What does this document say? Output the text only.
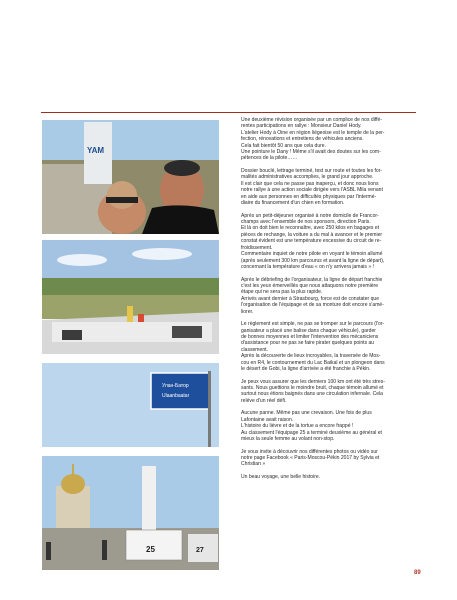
YAM
Улан-Батор
Ulaanbaatar
25	27

Une deuxième révision organisée par un complice de nos diffé-
rentes participations en rallye : Monsieur Daniel Hody.
L'atelier Hody à Oine en région liégeoise est le temple de la per-
fection, rénovations et entretiens de véhicules anciens.
Cela fait bientôt 50 ans que cela dure.
Une pointure le Dany ! Même s'il avait des doutes sur les com-
pétences de la pilote……

Dossier bouclé, lettrage terminé, test sur route et toutes les for-
malités administratives accomplies, le grand jour approche.
Il est clair que cela ne passe pas inaperçu, et donc nous lions
notre rallye à une action sociale dirigée vers l'ASBL Mila venant
en aide aux personnes en difficultés physiques par l'intermé-
diaire du financement d'un chien en formation.

Après un petit-déjeuner organisé à notre domicile de Francor-
champs avec l'ensemble de nos sponsors, direction Paris.
Et là on doit bien le reconnaître, avec 250 kilos en bagages et
pièces de rechange, la voiture a du mal à avancer et le premier
constat évident est une température excessive du circuit de re-
froidissement.
Commentaire inquiet de notre pilote en voyant le témoin allumé
(après seulement 300 km parcourus et avant la ligne de départ),
concernant la température d'eau « on n'y arrivera jamais » !

Après le débriefing de l'organisateur, la ligne de départ franchie
c'est les yeux émerveillés que nous attaquons notre première
étape qui ne sera pas la plus rapide.
Arrivés avant dernier à Strasbourg, force est de constater que
l'organisation de l'équipage et de sa monture doit encore s'amé-
liorer.

Le règlement est simple, ne pas se tromper sur le parcours (l'or-
ganisateur a placé une balise dans chaque véhicule), garder
de bonnes moyennes et limiter l'intervention des mécaniciens
d'assistance pour ne pas se faire pirater quelques points au
classement.
Après la découverte de lieux incroyables, la traversée de Mos-
cou en R4, le contournement du Lac Baikal et un plongeon dans
le désert de Gobi, la ligne d'arrivée a été franchie à Pékin.

Je peux vous assurer que les derniers 100 km ont été très stres-
sants. Nous guettions le moindre bruit, chaque témoin allumé et
surtout nous étions baignés dans une circulation infernale. Cela
reléve d'un réel défi.

Aucune panne. Même pas une crevaison. Une fois de plus
Lafontaine avait raison.
L'histoire du lièvre et de la tortue a encore frappé !
Au classement l'équipage 25 a terminé deuxième au général et
mieux la seule femme au volant non-stop.

Je vous invite à découvrir nos différentes photos ou vidéo sur
notre page Facebook « Paris-Moscou-Pékin 2017 by Sylvia et
Christian »

Un beau voyage, une belle histoire.

89
